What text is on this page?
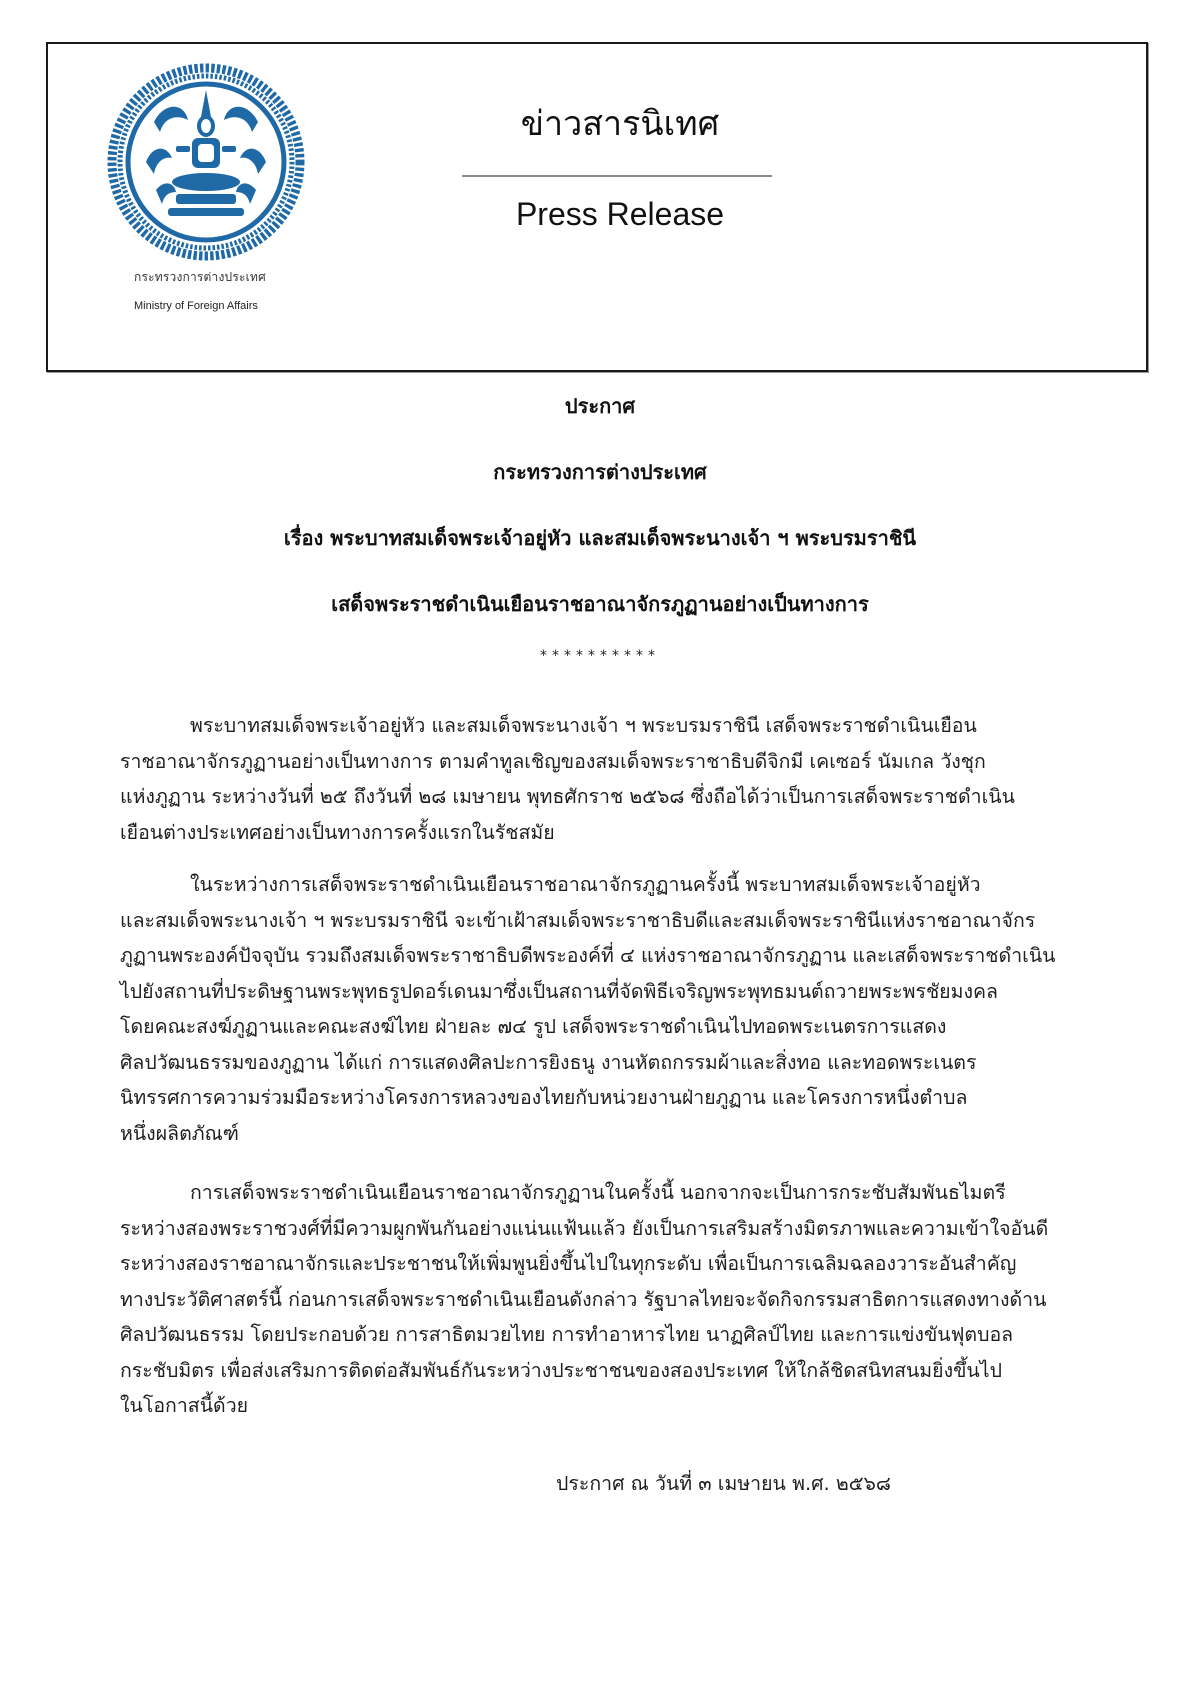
กระทรวงการต่างประเทศ
Ministry of Foreign Affairs
ข่าวสารนิเทศ
Press Release
ประกาศ
กระทรวงการต่างประเทศ
เรื่อง พระบาทสมเด็จพระเจ้าอยู่หัว และสมเด็จพระนางเจ้า ฯ พระบรมราชินี
เสด็จพระราชดำเนินเยือนราชอาณาจักรภูฏานอย่างเป็นทางการ
**********
พระบาทสมเด็จพระเจ้าอยู่หัว และสมเด็จพระนางเจ้า ฯ พระบรมราชินี เสด็จพระราชดำเนินเยือน
ราชอาณาจักรภูฏานอย่างเป็นทางการ ตามคำทูลเชิญของสมเด็จพระราชาธิบดีจิกมี เคเซอร์ นัมเกล วังชุก
แห่งภูฏาน ระหว่างวันที่ ๒๕ ถึงวันที่ ๒๘ เมษายน พุทธศักราช ๒๕๖๘ ซึ่งถือได้ว่าเป็นการเสด็จพระราชดำเนิน
เยือนต่างประเทศอย่างเป็นทางการครั้งแรกในรัชสมัย
ในระหว่างการเสด็จพระราชดำเนินเยือนราชอาณาจักรภูฏานครั้งนี้ พระบาทสมเด็จพระเจ้าอยู่หัว
และสมเด็จพระนางเจ้า ฯ พระบรมราชินี จะเข้าเฝ้าสมเด็จพระราชาธิบดีและสมเด็จพระราชินีแห่งราชอาณาจักร
ภูฏานพระองค์ปัจจุบัน รวมถึงสมเด็จพระราชาธิบดีพระองค์ที่ ๔ แห่งราชอาณาจักรภูฏาน และเสด็จพระราชดำเนิน
ไปยังสถานที่ประดิษฐานพระพุทธรูปดอร์เดนมาซึ่งเป็นสถานที่จัดพิธีเจริญพระพุทธมนต์ถวายพระพรชัยมงคล
โดยคณะสงฆ์ภูฏานและคณะสงฆ์ไทย ฝ่ายละ ๗๔ รูป เสด็จพระราชดำเนินไปทอดพระเนตรการแสดง
ศิลปวัฒนธรรมของภูฏาน ได้แก่ การแสดงศิลปะการยิงธนู งานหัตถกรรมผ้าและสิ่งทอ และทอดพระเนตร
นิทรรศการความร่วมมือระหว่างโครงการหลวงของไทยกับหน่วยงานฝ่ายภูฏาน และโครงการหนึ่งตำบล
หนึ่งผลิตภัณฑ์
การเสด็จพระราชดำเนินเยือนราชอาณาจักรภูฏานในครั้งนี้ นอกจากจะเป็นการกระชับสัมพันธไมตรี
ระหว่างสองพระราชวงศ์ที่มีความผูกพันกันอย่างแน่นแฟ้นแล้ว ยังเป็นการเสริมสร้างมิตรภาพและความเข้าใจอันดี
ระหว่างสองราชอาณาจักรและประชาชนให้เพิ่มพูนยิ่งขึ้นไปในทุกระดับ เพื่อเป็นการเฉลิมฉลองวาระอันสำคัญ
ทางประวัติศาสตร์นี้ ก่อนการเสด็จพระราชดำเนินเยือนดังกล่าว รัฐบาลไทยจะจัดกิจกรรมสาธิตการแสดงทางด้าน
ศิลปวัฒนธรรม โดยประกอบด้วย การสาธิตมวยไทย การทำอาหารไทย นาฏศิลป์ไทย และการแข่งขันฟุตบอล
กระชับมิตร เพื่อส่งเสริมการติดต่อสัมพันธ์กันระหว่างประชาชนของสองประเทศ ให้ใกล้ชิดสนิทสนมยิ่งขึ้นไป
ในโอกาสนี้ด้วย
ประกาศ ณ วันที่ ๓ เมษายน พ.ศ. ๒๕๖๘
